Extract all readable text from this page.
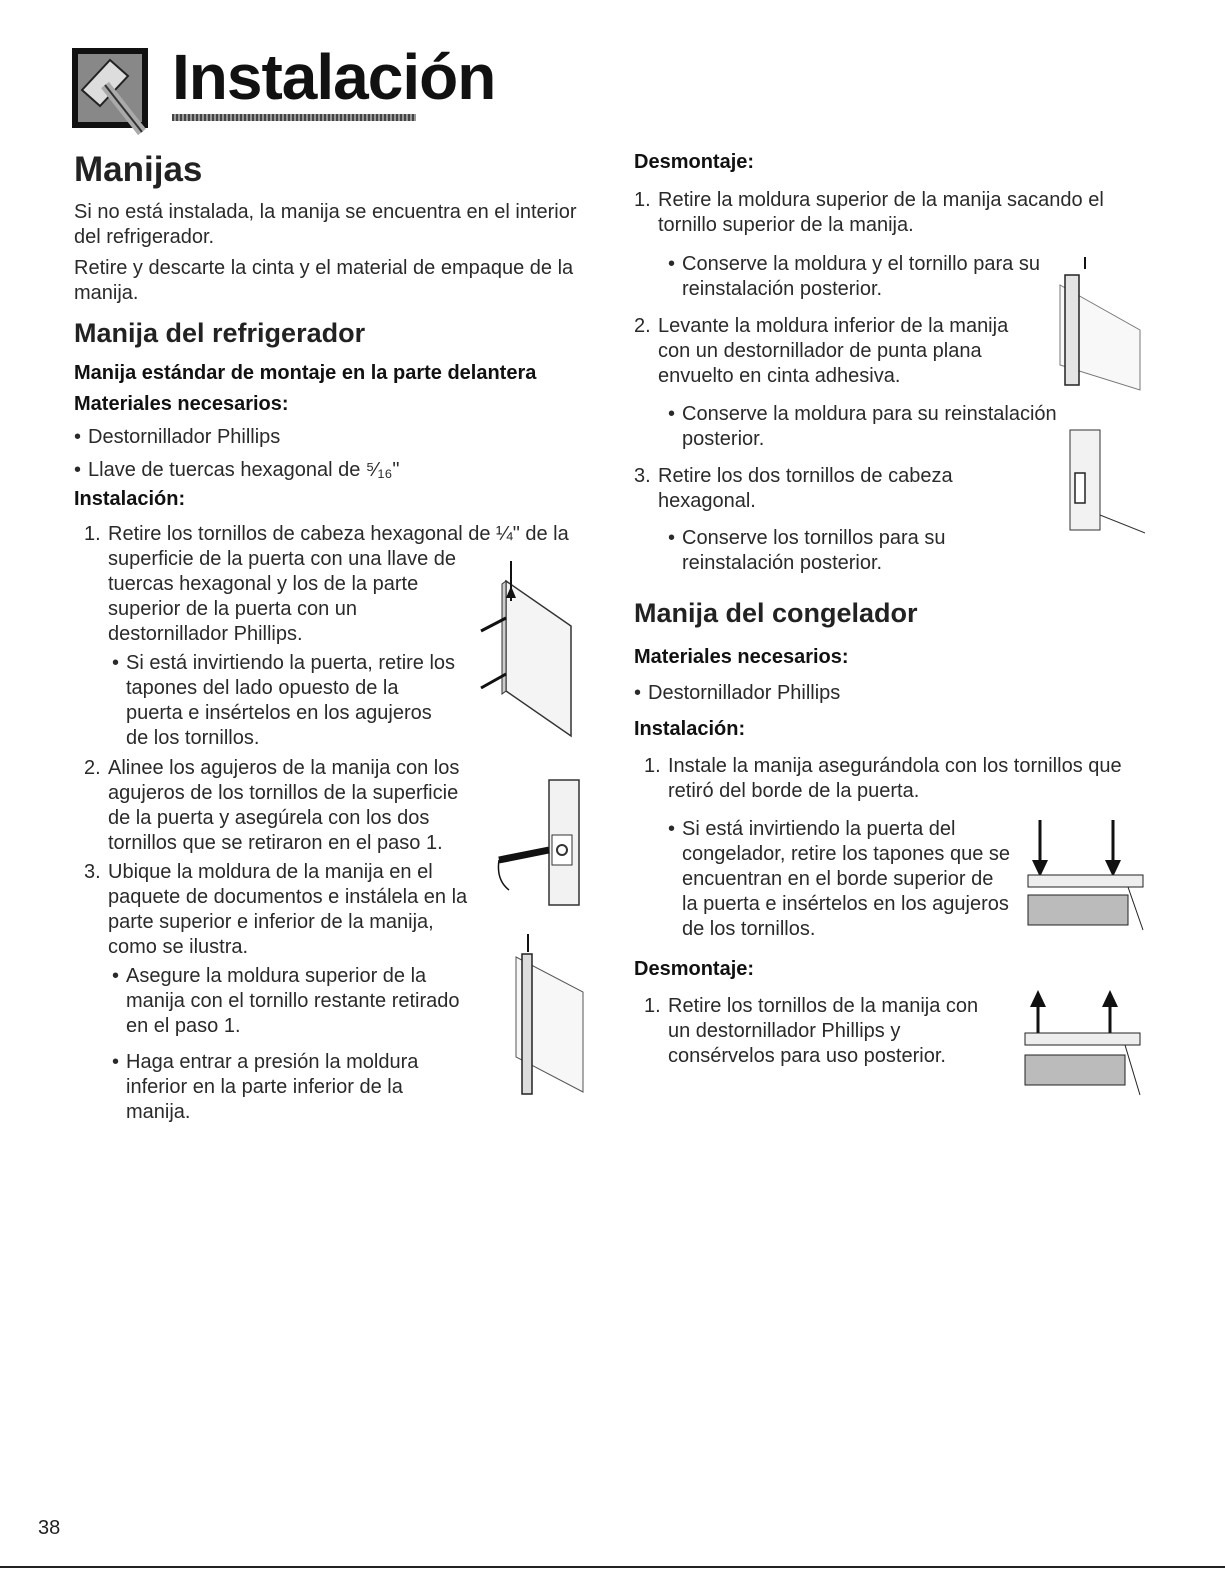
Instalación
Manijas
Si no está instalada, la manija se encuentra en el interior del refrigerador.
Retire y descarte la cinta y el material de empaque de la manija.
Manija del refrigerador
Manija estándar de montaje en la parte delantera
Materiales necesarios:
• Destornillador Phillips
• Llave de tuercas hexagonal de ⁵⁄₁₆"
Instalación:
1. Retire los tornillos de cabeza hexagonal de ¼" de la
superficie de la puerta con una llave de tuercas hexagonal y los de la parte superior de la puerta con un destornillador Phillips.
• Si está invirtiendo la puerta, retire los tapones del lado opuesto de la puerta e insértelos en los agujeros de los tornillos.
2. Alinee los agujeros de la manija con los agujeros de los tornillos de la superficie de la puerta y asegúrela con los dos tornillos que se retiraron en el paso 1.
3. Ubique la moldura de la manija en el paquete de documentos e instálela en la parte superior e inferior de la manija, como se ilustra.
• Asegure la moldura superior de la manija con el tornillo restante retirado en el paso 1.
• Haga entrar a presión la moldura inferior en la parte inferior de la manija.
Desmontaje:
1. Retire la moldura superior de la manija sacando el tornillo superior de la manija.
• Conserve la moldura y el tornillo para su reinstalación posterior.
2. Levante la moldura inferior de la manija con un destornillador de punta plana envuelto en cinta adhesiva.
• Conserve la moldura para su reinstalación posterior.
3. Retire los dos tornillos de cabeza hexagonal.
• Conserve los tornillos para su reinstalación posterior.
Manija del congelador
Materiales necesarios:
• Destornillador Phillips
Instalación:
1. Instale la manija asegurándola con los tornillos que retiró del borde de la puerta.
• Si está invirtiendo la puerta del congelador, retire los tapones que se encuentran en el borde superior de la puerta e insértelos en los agujeros de los tornillos.
Desmontaje:
1. Retire los tornillos de la manija con un destornillador Phillips y consérvelos para uso posterior.
38
